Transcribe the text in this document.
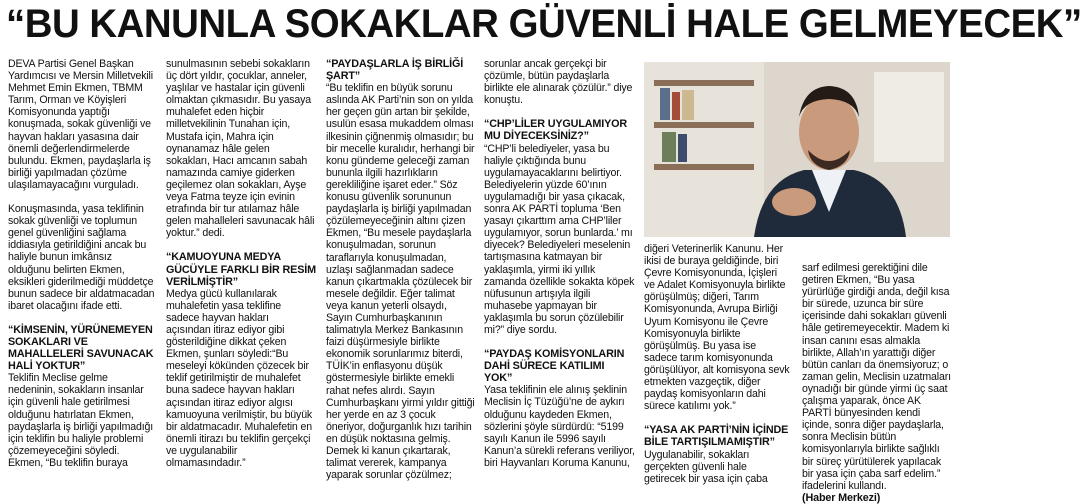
“BU KANUNLA SOKAKLAR GÜVENLİ HALE GELMEYECEK”

DEVA Partisi Genel Başkan Yardımcısı ve Mersin Milletvekili Mehmet Emin Ekmen, TBMM Tarım, Orman ve Köyişleri Komisyonunda yaptığı konuşmada, sokak güvenliği ve hayvan hakları yasasına dair önemli değerlendirmelerde bulundu. Ekmen, paydaşlarla iş birliği yapılmadan çözüme ulaşılamayacağını vurguladı.

Konuşmasında, yasa teklifinin sokak güvenliği ve toplumun genel güvenliğini sağlama iddiasıyla getirildiğini ancak bu haliyle bunun imkânsız olduğunu belirten Ekmen, eksikleri giderilmediği müddetçe bunun sadece bir aldatmacadan ibaret olacağını ifade etti.

“KİMSENİN, YÜRÜNEMEYEN SOKAKLARI VE MAHALLELERİ SAVUNACAK HALİ YOKTUR”

Teklifin Meclise gelme nedeninin, sokakların insanlar için güvenli hale getirilmesi olduğunu hatırlatan Ekmen, paydaşlarla iş birliği yapılmadığı için teklifin bu haliyle problemi çözemeyeceğini söyledi. Ekmen, “Bu teklifin buraya

sunulmasının sebebi sokakların üç dört yıldır, çocuklar, anneler, yaşlılar ve hastalar için güvenli olmaktan çıkmasıdır. Bu yasaya muhalefet eden hiçbir milletvekilinin Tunahan için, Mustafa için, Mahra için oynanamaz hâle gelen sokakları, Hacı amcanın sabah namazında camiye giderken geçilemez olan sokakları, Ayşe veya Fatma teyze için evinin etrafında bir tur atılamaz hâle gelen mahalleleri savunacak hâli yoktur.” dedi.

“KAMUOYUNA MEDYA GÜCÜYLE FARKLI BİR RESİM VERİLMİŞTİR”

Medya gücü kullanılarak muhalefetin yasa teklifine sadece hayvan hakları açısından itiraz ediyor gibi gösterildiğine dikkat çeken Ekmen, şunları söyledi:“Bu meseleyi kökünden çözecek bir teklif getirilmiştir de muhalefet buna sadece hayvan hakları açısından itiraz ediyor algısı kamuoyuna verilmiştir, bu büyük bir aldatmacadır. Muhalefetin en önemli itirazı bu teklifin gerçekçi ve uygulanabilir olmamasındadır.”

“PAYDAŞLARLA İŞ BİRLİĞİ ŞART”

“Bu teklifin en büyük sorunu aslında AK Parti’nin son on yılda her geçen gün artan bir şekilde, usulün esasa mukaddem olması ilkesinin çiğnenmiş olmasıdır; bu bir mecelle kuralıdır, herhangi bir konu gündeme geleceği zaman bununla ilgili hazırlıkların gerekliliğine işaret eder.” Söz konusu güvenlik sorununun paydaşlarla iş birliği yapılmadan çözülemeyeceğinin altını çizen Ekmen, “Bu mesele paydaşlarla konuşulmadan, sorunun taraflarıyla konuşulmadan, uzlaşı sağlanmadan sadece kanun çıkartmakla çözülecek bir mesele değildir. Eğer talimat veya kanun yeterli olsaydı, Sayın Cumhurbaşkanının talimatıyla Merkez Bankasının faizi düşürmesiyle birlikte ekonomik sorunlarımız biterdi, TÜİK’in enflasyonu düşük göstermesiyle birlikte emekli rahat nefes alırdı. Sayın Cumhurbaşkanı yirmi yıldır gittiği her yerde en az 3 çocuk öneriyor, doğurganlık hızı tarihin en düşük noktasına gelmiş. Demek ki kanun çıkartarak, talimat vererek, kampanya yaparak sorunlar çözülmez;

sorunlar ancak gerçekçi bir çözümle, bütün paydaşlarla birlikte ele alınarak çözülür.” diye konuştu.

“CHP’LİLER UYGULAMIYOR MU DİYECEKSİNİZ?”

“CHP’li belediyeler, yasa bu haliyle çıktığında bunu uygulamayacaklarını belirtiyor. Belediyelerin yüzde 60’ının uygulamadığı bir yasa çıkacak, sonra AK PARTİ topluma ‘Ben yasayı çıkarttım ama CHP’liler uygulamıyor, sorun bunlarda.’ mı diyecek? Belediyeleri meselenin tartışmasına katmayan bir yaklaşımla, yirmi iki yıllık zamanda özellikle sokakta köpek nüfusunun artışıyla ilgili muhasebe yapmayan bir yaklaşımla bu sorun çözülebilir mi?” diye sordu.

“PAYDAŞ KOMİSYONLARIN DAHİ SÜRECE KATILIMI YOK”

Yasa teklifinin ele alınış şeklinin Meclisin İç Tüzüğü’ne de aykırı olduğunu kaydeden Ekmen, sözlerini şöyle sürdürdü: “5199 sayılı Kanun ile 5996 sayılı Kanun’a sürekli referans veriliyor, biri Hayvanları Koruma Kanunu,

diğeri Veterinerlik Kanunu. Her ikisi de buraya geldiğinde, biri Çevre Komisyonunda, İçişleri ve Adalet Komisyonuyla birlikte görüşülmüş; diğeri, Tarım Komisyonunda, Avrupa Birliği Uyum Komisyonu ile Çevre Komisyonuyla birlikte görüşülmüş. Bu yasa ise sadece tarım komisyonunda görüşülüyor, alt komisyona sevk etmekten vazgeçtik, diğer paydaş komisyonların dahi sürece katılımı yok.”

“YASA AK PARTİ’NİN İÇİNDE BİLE TARTIŞILMAMIŞTIR”

Uygulanabilir, sokakları gerçekten güvenli hale getirecek bir yasa için çaba

sarf edilmesi gerektiğini dile getiren Ekmen, “Bu yasa yürürlüğe girdiği anda, değil kısa bir sürede, uzunca bir süre içerisinde dahi sokakları güvenli hâle getiremeyecektir. Madem ki insan canını esas almakla birlikte, Allah’ın yarattığı diğer bütün canları da önemsiyoruz; o zaman gelin, Meclisin uzatmaları oynadığı bir günde yirmi üç saat çalışma yaparak, önce AK PARTİ bünyesinden kendi içinde, sonra diğer paydaşlarla, sonra Meclisin bütün komisyonlarıyla birlikte sağlıklı bir süreç yürütülerek yapılacak bir yasa için çaba sarf edelim.” ifadelerini kullandı.

(Haber Merkezi)
